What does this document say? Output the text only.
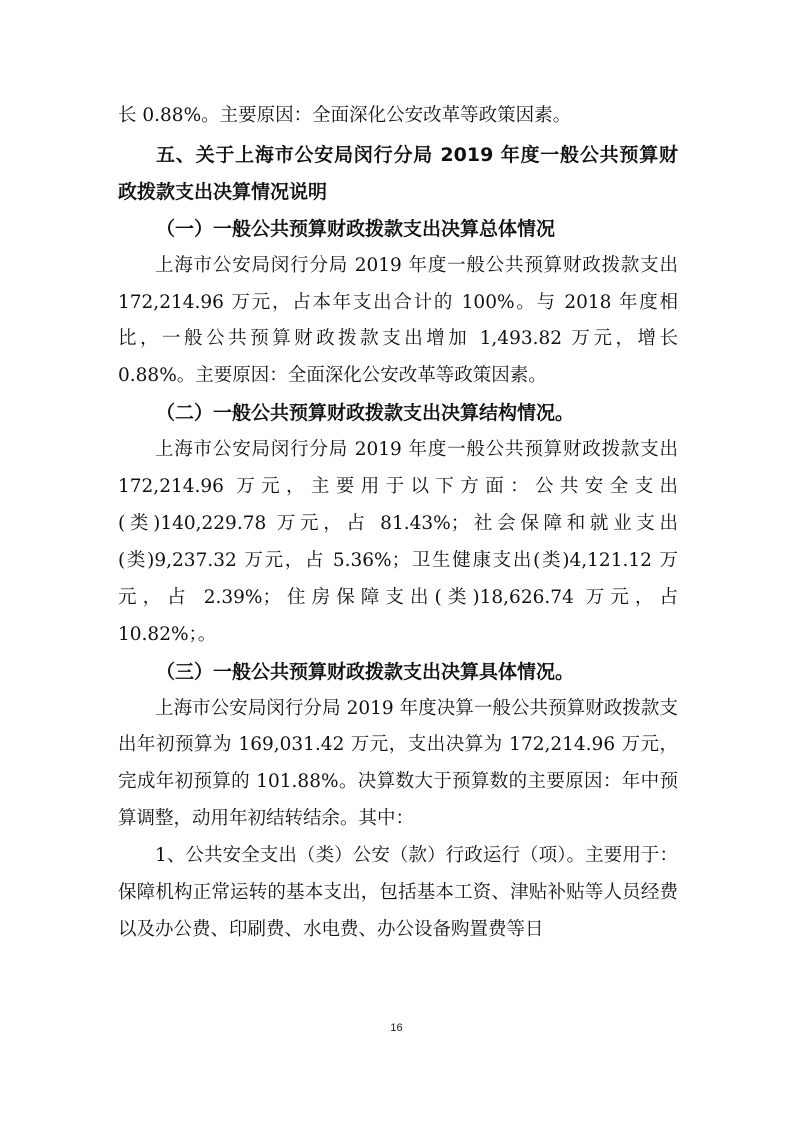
长 0.88%。主要原因：全面深化公安改革等政策因素。

五、关于上海市公安局闵行分局 2019 年度一般公共预算财政拨款支出决算情况说明

（一）一般公共预算财政拨款支出决算总体情况

上海市公安局闵行分局 2019 年度一般公共预算财政拨款支出 172,214.96 万元，占本年支出合计的 100%。与 2018 年度相比，一般公共预算财政拨款支出增加 1,493.82 万元，增长 0.88%。主要原因：全面深化公安改革等政策因素。

（二）一般公共预算财政拨款支出决算结构情况。

上海市公安局闵行分局 2019 年度一般公共预算财政拨款支出 172,214.96 万元，主要用于以下方面：公共安全支出(类)140,229.78 万元，占 81.43%；社会保障和就业支出(类)9,237.32 万元，占 5.36%；卫生健康支出(类)4,121.12 万元，占 2.39%；住房保障支出(类)18,626.74 万元，占 10.82%；。

（三）一般公共预算财政拨款支出决算具体情况。

上海市公安局闵行分局 2019 年度决算一般公共预算财政拨款支出年初预算为 169,031.42 万元，支出决算为 172,214.96 万元，完成年初预算的 101.88%。决算数大于预算数的主要原因：年中预算调整，动用年初结转结余。其中：

1、公共安全支出（类）公安（款）行政运行（项）。主要用于：保障机构正常运转的基本支出，包括基本工资、津贴补贴等人员经费以及办公费、印刷费、水电费、办公设备购置费等日

16
